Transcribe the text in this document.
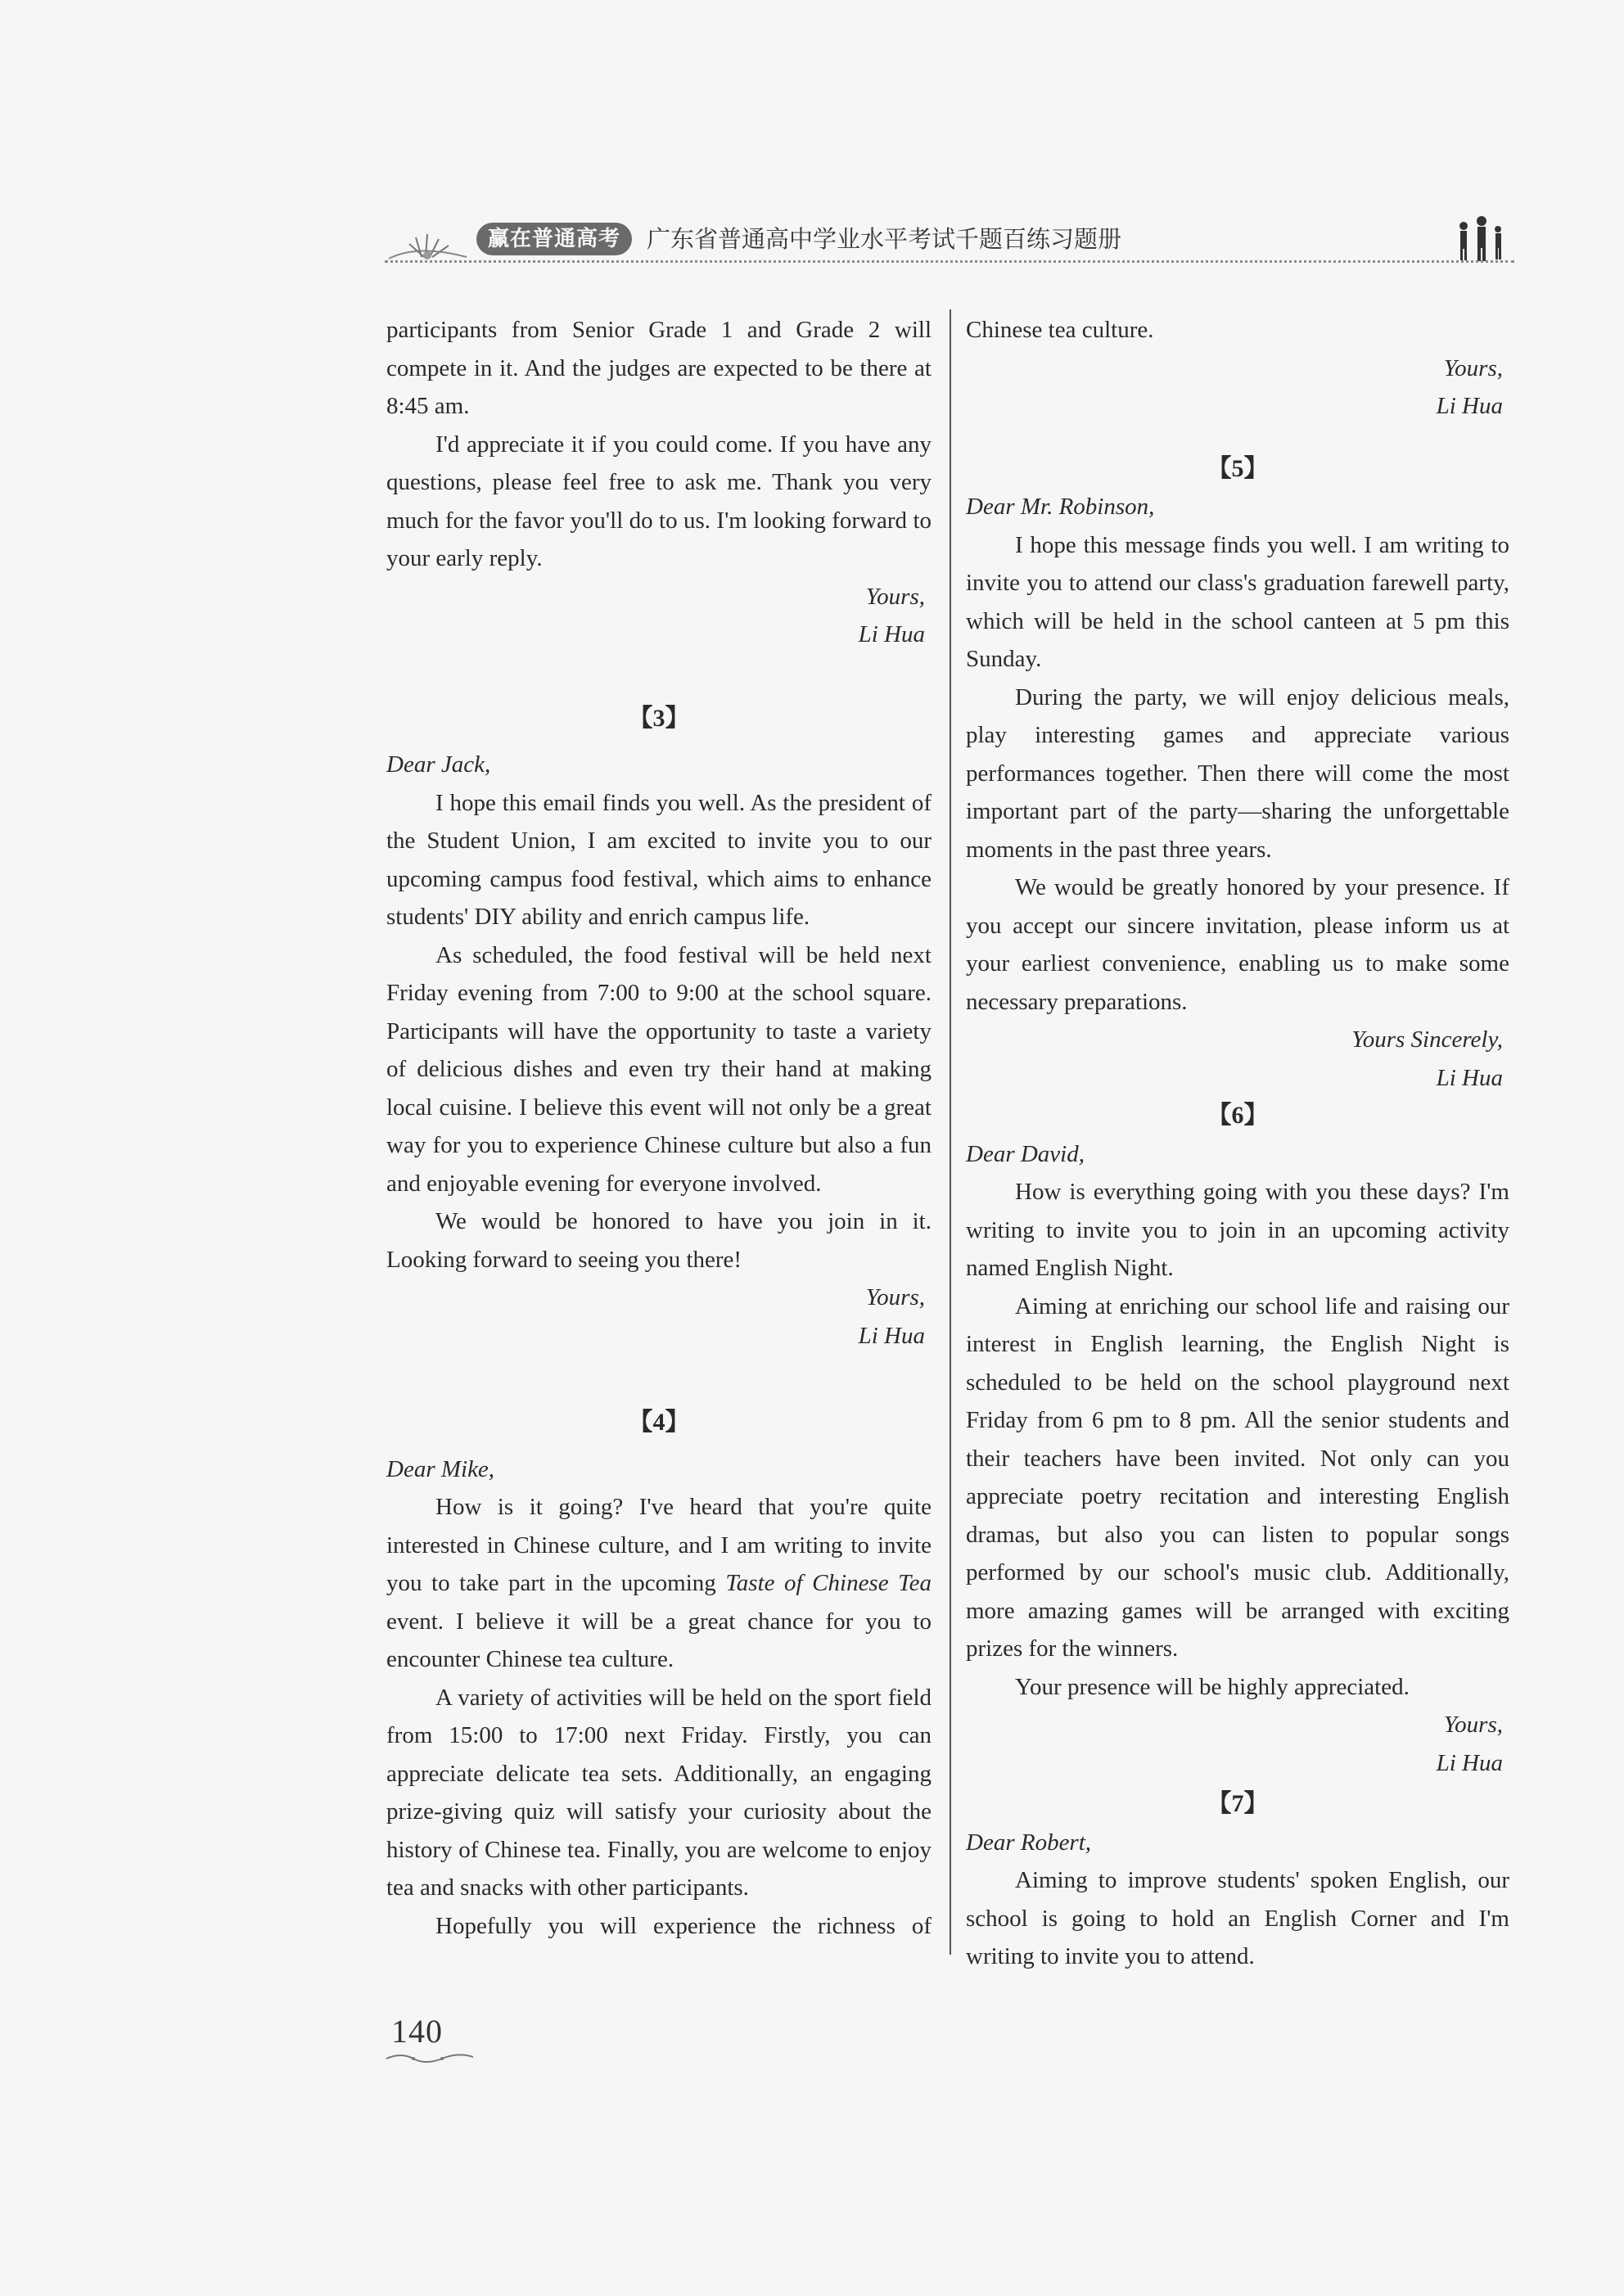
赢在普通高考	广东省普通高中学业水平考试千题百练习题册

participants from Senior Grade 1 and Grade 2 will compete in it. And the judges are expected to be there at 8:45 am.

I'd appreciate it if you could come. If you have any questions, please feel free to ask me. Thank you very much for the favor you'll do to us. I'm looking forward to your early reply.

Yours,
Li Hua
【3】
Dear Jack,

I hope this email finds you well. As the president of the Student Union, I am excited to invite you to our upcoming campus food festival, which aims to enhance students' DIY ability and enrich campus life.

As scheduled, the food festival will be held next Friday evening from 7:00 to 9:00 at the school square. Participants will have the opportunity to taste a variety of delicious dishes and even try their hand at making local cuisine. I believe this event will not only be a great way for you to experience Chinese culture but also a fun and enjoyable evening for everyone involved.

We would be honored to have you join in it. Looking forward to seeing you there!

Yours,
Li Hua
【4】
Dear Mike,

How is it going? I've heard that you're quite interested in Chinese culture, and I am writing to invite you to take part in the upcoming Taste of Chinese Tea event. I believe it will be a great chance for you to encounter Chinese tea culture.

A variety of activities will be held on the sport field from 15:00 to 17:00 next Friday. Firstly, you can appreciate delicate tea sets. Additionally, an engaging prize-giving quiz will satisfy your curiosity about the history of Chinese tea. Finally, you are welcome to enjoy tea and snacks with other participants.

Hopefully you will experience the richness of

Chinese tea culture.

Yours,
Li Hua
【5】
Dear Mr. Robinson,

I hope this message finds you well. I am writing to invite you to attend our class's graduation farewell party, which will be held in the school canteen at 5 pm this Sunday.

During the party, we will enjoy delicious meals, play interesting games and appreciate various performances together. Then there will come the most important part of the party—sharing the unforgettable moments in the past three years.

We would be greatly honored by your presence. If you accept our sincere invitation, please inform us at your earliest convenience, enabling us to make some necessary preparations.

Yours Sincerely,
Li Hua
【6】
Dear David,

How is everything going with you these days? I'm writing to invite you to join in an upcoming activity named English Night.

Aiming at enriching our school life and raising our interest in English learning, the English Night is scheduled to be held on the school playground next Friday from 6 pm to 8 pm. All the senior students and their teachers have been invited. Not only can you appreciate poetry recitation and interesting English dramas, but also you can listen to popular songs performed by our school's music club. Additionally, more amazing games will be arranged with exciting prizes for the winners.

Your presence will be highly appreciated.

Yours,
Li Hua
【7】
Dear Robert,

Aiming to improve students' spoken English, our school is going to hold an English Corner and I'm writing to invite you to attend.

140
